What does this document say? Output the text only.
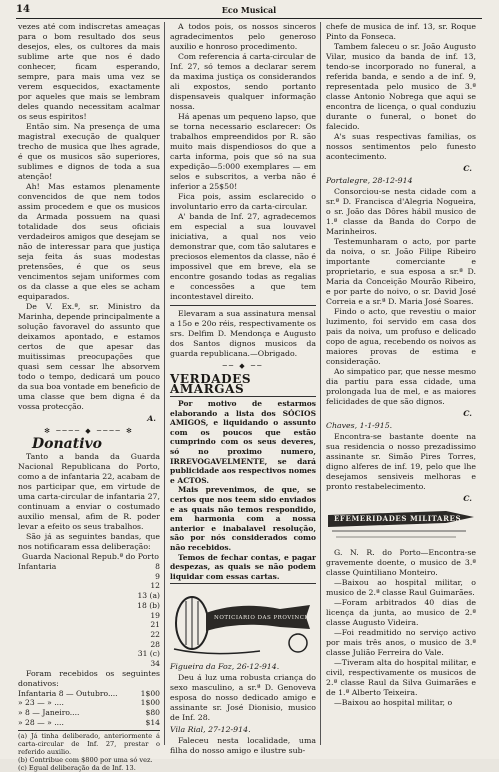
14	Eco Musical

vezes até com indiscretas ameaças para o bom resultado dos seus desejos, eles, os cultores da mais sublime arte que nos é dado conhecer, ficam esperando, sempre, para mais uma vez se verem esquecidos, exactamente por aqueles que mais se lembram deles quando necessitam acalmar os seus espiritos!

Então sim. Na presença de uma magistral execução de qualquer trecho de musica que lhes agrade, é que os musicos são superiores, sublimes e dignos de toda a sua atenção!

Ah! Mas estamos plenamente convencidos de que nem todos assim procedem e que os musicos da Armada possuem na quasi totalidade dos seus oficiais verdadeiros amigos que desejam se não de interessar para que justiça seja feita ás suas modestas pretensões, é que os seus vencimentos sejam uniformes com os da classe a que eles se acham equiparados.

De V. Ex.ª, sr. Ministro da Marinha, depende principalmente a solução favoravel do assunto que deixamos apontado, e estamos certos de que apesar das muitissimas preocupações que quasi sem cessar lhe absorvem todo o tempo, dedicará um pouco da sua boa vontade em beneficio de uma classe que bem digna é da vossa protecção.

A.
✻ ──── ◆ ──── ✻
Donativo

Tanto a banda da Guarda Nacional Republicana do Porto, como a de infantaria 22, acabam de nos participar que, em virtude de uma carta-circular de infantaria 27, continuam a enviar o costumado auxilio mensal, afim de R. poder levar a efeito os seus trabalhos.

São já as seguintes bandas, que nos notificaram essa deliberação:

Guarda Nacional Repub.ª do Porto

Infantaria	8
	9
	12
	13 (a)
	18 (b)
	19
	21
	22
	28
	31 (c)
	34

Foram recebidos os seguintes donativos:

Infantaria 8 — Outubro....	1$00
» 23 — » ....	1$00
» 8 — Janeiro....	$80
» 28 — » ....	$14
(a) Já tinha deliberado, anteriormente á carta-circular de Inf. 27, prestar o referido auxilio.
(b) Contribue com $800 por uma só vez.
(c) Egual deliberação da de Inf. 13.

A todos pois, os nossos sinceros agradecimentos pelo generoso auxilio e honroso procedimento.

Com referencia á carta-circular de Inf. 27, só temos a declarar serem da maxima justiça os considerandos ali expostos, sendo portanto dispensaveis qualquer informação nossa.

Há apenas um pequeno lapso, que se torna necessario esclarecer: Os trabalhos empreendidos por R. são muito mais dispendiosos do que a carta informa, pois que só na sua expedição—5:000 exemplares — em selos e subscritos, a verba não é inferior a 25$50!

Fica pois, assim esclarecido o involuntario erro da carta-circular.

A' banda de Inf. 27, agradecemos em especial a sua louvavel iniciativa, a qual nos veio demonstrar que, com tão salutares e preciosos elementos da classe, não é impossivel que em breve, ela se encontre gosando todas as regalias e concessões a que tem incontestavel direito.

Elevaram a sua assinatura mensal a 15o e 20o réis, respectivamente os srs. Delfim D. Mendonça e Augusto dos Santos dignos musicos da guarda republicana.—Obrigado.

── ◆ ──
VERDADES AMARGAS

Por motivo de estarmos elaborando a lista dos SÓCIOS AMIGOS, e liquidando o assunto com os poucos que estão cumprindo com os seus deveres, só no proximo numero, IRREVOGAVELMENTE, se dará publicidade aos respectivos nomes e ACTOS.

Mais prevenimos, de que, se certos que nos teem sido enviados e as quais não temos respondido, em harmonia com a nossa anterior e inabalavel resolução, são por nós considerados como não recebidos.

Temos de fechar contas, e pagar despezas, as quais se não podem liquidar com essas cartas.

NOTICIARIO DAS PROVINCIAS

Figueira da Foz, 26-12-914.

Deu á luz uma robusta criança do sexo masculino, a sr.ª D. Genoveva esposa do nosso dedicado amigo e assinante sr. José Dionisio, musico de Inf. 28.

Vila Rial, 27-12-914.

Faleceu nesta localidade, uma filha do nosso amigo e ilustre sub-

chefe de musica de inf. 13, sr. Roque Pinto da Fonseca.

Tambem faleceu o sr. João Augusto Vilar, musico da banda de inf. 13, tendo-se incorporado no funeral, a referida banda, e sendo a de inf. 9, representada pelo musico de 3.ª classe Antonio Nobrega que aqui se encontra de licença, o qual conduziu durante o funeral, o bonet do falecido.

A's suas respectivas familias, os nossos sentimentos pelo funesto acontecimento.

C.

Portalegre, 28-12-914

Consorciou-se nesta cidade com a sr.ª D. Francisca d'Alegria Nogueira, o sr. João das Dôres hábil musico de 1.ª classe da Banda do Corpo de Marinheiros.

Testemunharam o acto, por parte da noiva, o sr. João Filipe Ribeiro importante comerciante e proprietario, e sua esposa a sr.ª D. Maria da Conceição Mourão Ribeiro, e por parte do noivo, o sr. David José Correia e a sr.ª D. Maria José Soares.

Findo o acto, que revestiu o maior luzimento, foi servido em casa dos pais da noiva, um profuso e delicado copo de agua, recebendo os noivos as maiores provas de estima e consideração.

Ao simpatico par, que nesse mesmo dia partiu para essa cidade, uma prolongada lua de mel, e as maiores felicidades de que são dignos.

C.

Chaves, 1-1-915.

Encontra-se bastante doente na sua residencia o nosso prezadissimo assinante sr. Simão Pires Torres, digno alferes de inf. 19, pelo que lhe desejamos sensiveis melhoras e pronto restabelecimento.

C.
EFEMERIDADES MILITARES

G. N. R. do Porto—Encontra-se gravemente doente, o musico de 3.ª classe Quintiliano Monteiro.

—Baixou ao hospital militar, o musico de 2.ª classe Raul Guimarães.

—Foram arbitrados 40 dias de licença da junta, ao musico de 2.ª classe Augusto Videira.

—Foi readmitido no serviço activo por mais três anos, o musico de 3.ª classe Julião Ferreira do Vale.

—Tiveram alta do hospital militar, e civil, respectivamente os musicos de 2.ª classe Raul da Silva Guimarães e de 1.ª Alberto Teixeira.

—Baixou ao hospital militar, o
